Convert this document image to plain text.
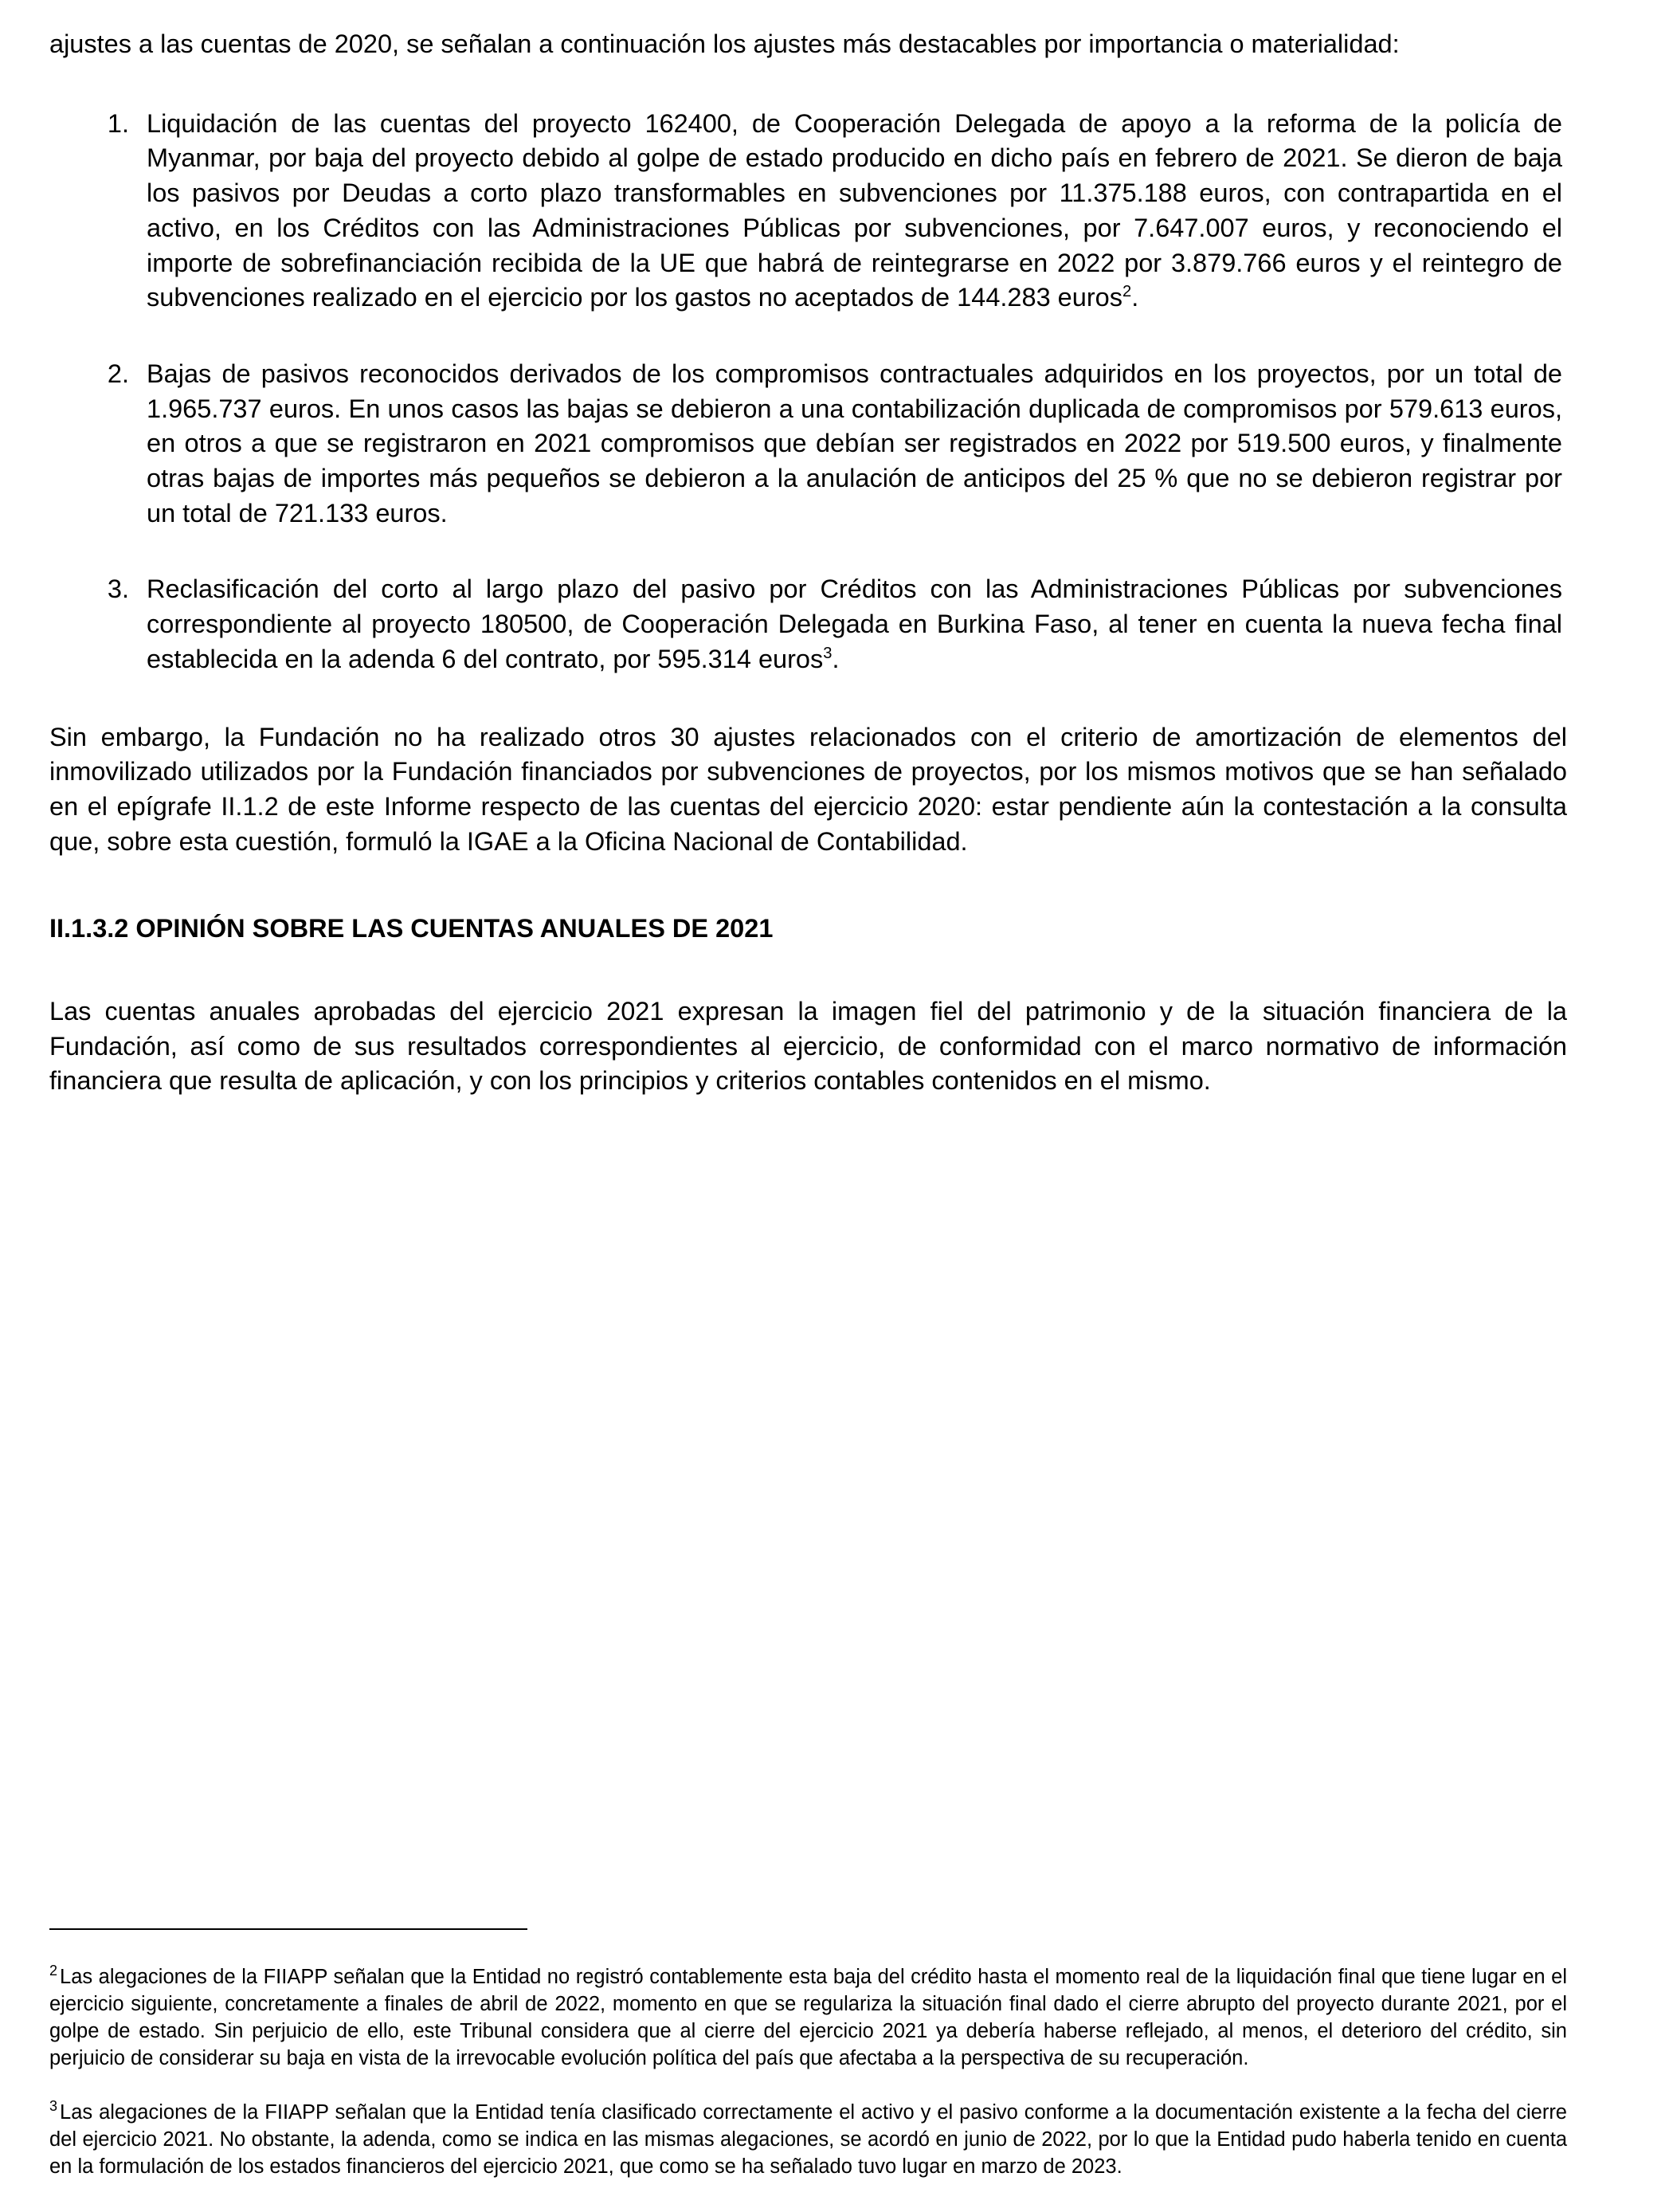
ajustes a las cuentas de 2020, se señalan a continuación los ajustes más destacables por importancia o materialidad:

1. Liquidación de las cuentas del proyecto 162400, de Cooperación Delegada de apoyo a la reforma de la policía de Myanmar, por baja del proyecto debido al golpe de estado producido en dicho país en febrero de 2021. Se dieron de baja los pasivos por Deudas a corto plazo transformables en subvenciones por 11.375.188 euros, con contrapartida en el activo, en los Créditos con las Administraciones Públicas por subvenciones, por 7.647.007 euros, y reconociendo el importe de sobrefinanciación recibida de la UE que habrá de reintegrarse en 2022 por 3.879.766 euros y el reintegro de subvenciones realizado en el ejercicio por los gastos no aceptados de 144.283 euros$^2$.
2. Bajas de pasivos reconocidos derivados de los compromisos contractuales adquiridos en los proyectos, por un total de 1.965.737 euros. En unos casos las bajas se debieron a una contabilización duplicada de compromisos por 579.613 euros, en otros a que se registraron en 2021 compromisos que debían ser registrados en 2022 por 519.500 euros, y finalmente otras bajas de importes más pequeños se debieron a la anulación de anticipos del 25 % que no se debieron registrar por un total de 721.133 euros.
3. Reclasificación del corto al largo plazo del pasivo por Créditos con las Administraciones Públicas por subvenciones correspondiente al proyecto 180500, de Cooperación Delegada en Burkina Faso, al tener en cuenta la nueva fecha final establecida en la adenda 6 del contrato, por 595.314 euros$^3$.

Sin embargo, la Fundación no ha realizado otros 30 ajustes relacionados con el criterio de amortización de elementos del inmovilizado utilizados por la Fundación financiados por subvenciones de proyectos, por los mismos motivos que se han señalado en el epígrafe II.1.2 de este Informe respecto de las cuentas del ejercicio 2020: estar pendiente aún la contestación a la consulta que, sobre esta cuestión, formuló la IGAE a la Oficina Nacional de Contabilidad.

II.1.3.2 OPINIÓN SOBRE LAS CUENTAS ANUALES DE 2021

Las cuentas anuales aprobadas del ejercicio 2021 expresan la imagen fiel del patrimonio y de la situación financiera de la Fundación, así como de sus resultados correspondientes al ejercicio, de conformidad con el marco normativo de información financiera que resulta de aplicación, y con los principios y criterios contables contenidos en el mismo.

$^2$ Las alegaciones de la FIIAPP señalan que la Entidad no registró contablemente esta baja del crédito hasta el momento real de la liquidación final que tiene lugar en el ejercicio siguiente, concretamente a finales de abril de 2022, momento en que se regulariza la situación final dado el cierre abrupto del proyecto durante 2021, por el golpe de estado. Sin perjuicio de ello, este Tribunal considera que al cierre del ejercicio 2021 ya debería haberse reflejado, al menos, el deterioro del crédito, sin perjuicio de considerar su baja en vista de la irrevocable evolución política del país que afectaba a la perspectiva de su recuperación.

$^3$ Las alegaciones de la FIIAPP señalan que la Entidad tenía clasificado correctamente el activo y el pasivo conforme a la documentación existente a la fecha del cierre del ejercicio 2021. No obstante, la adenda, como se indica en las mismas alegaciones, se acordó en junio de 2022, por lo que la Entidad pudo haberla tenido en cuenta en la formulación de los estados financieros del ejercicio 2021, que como se ha señalado tuvo lugar en marzo de 2023.
